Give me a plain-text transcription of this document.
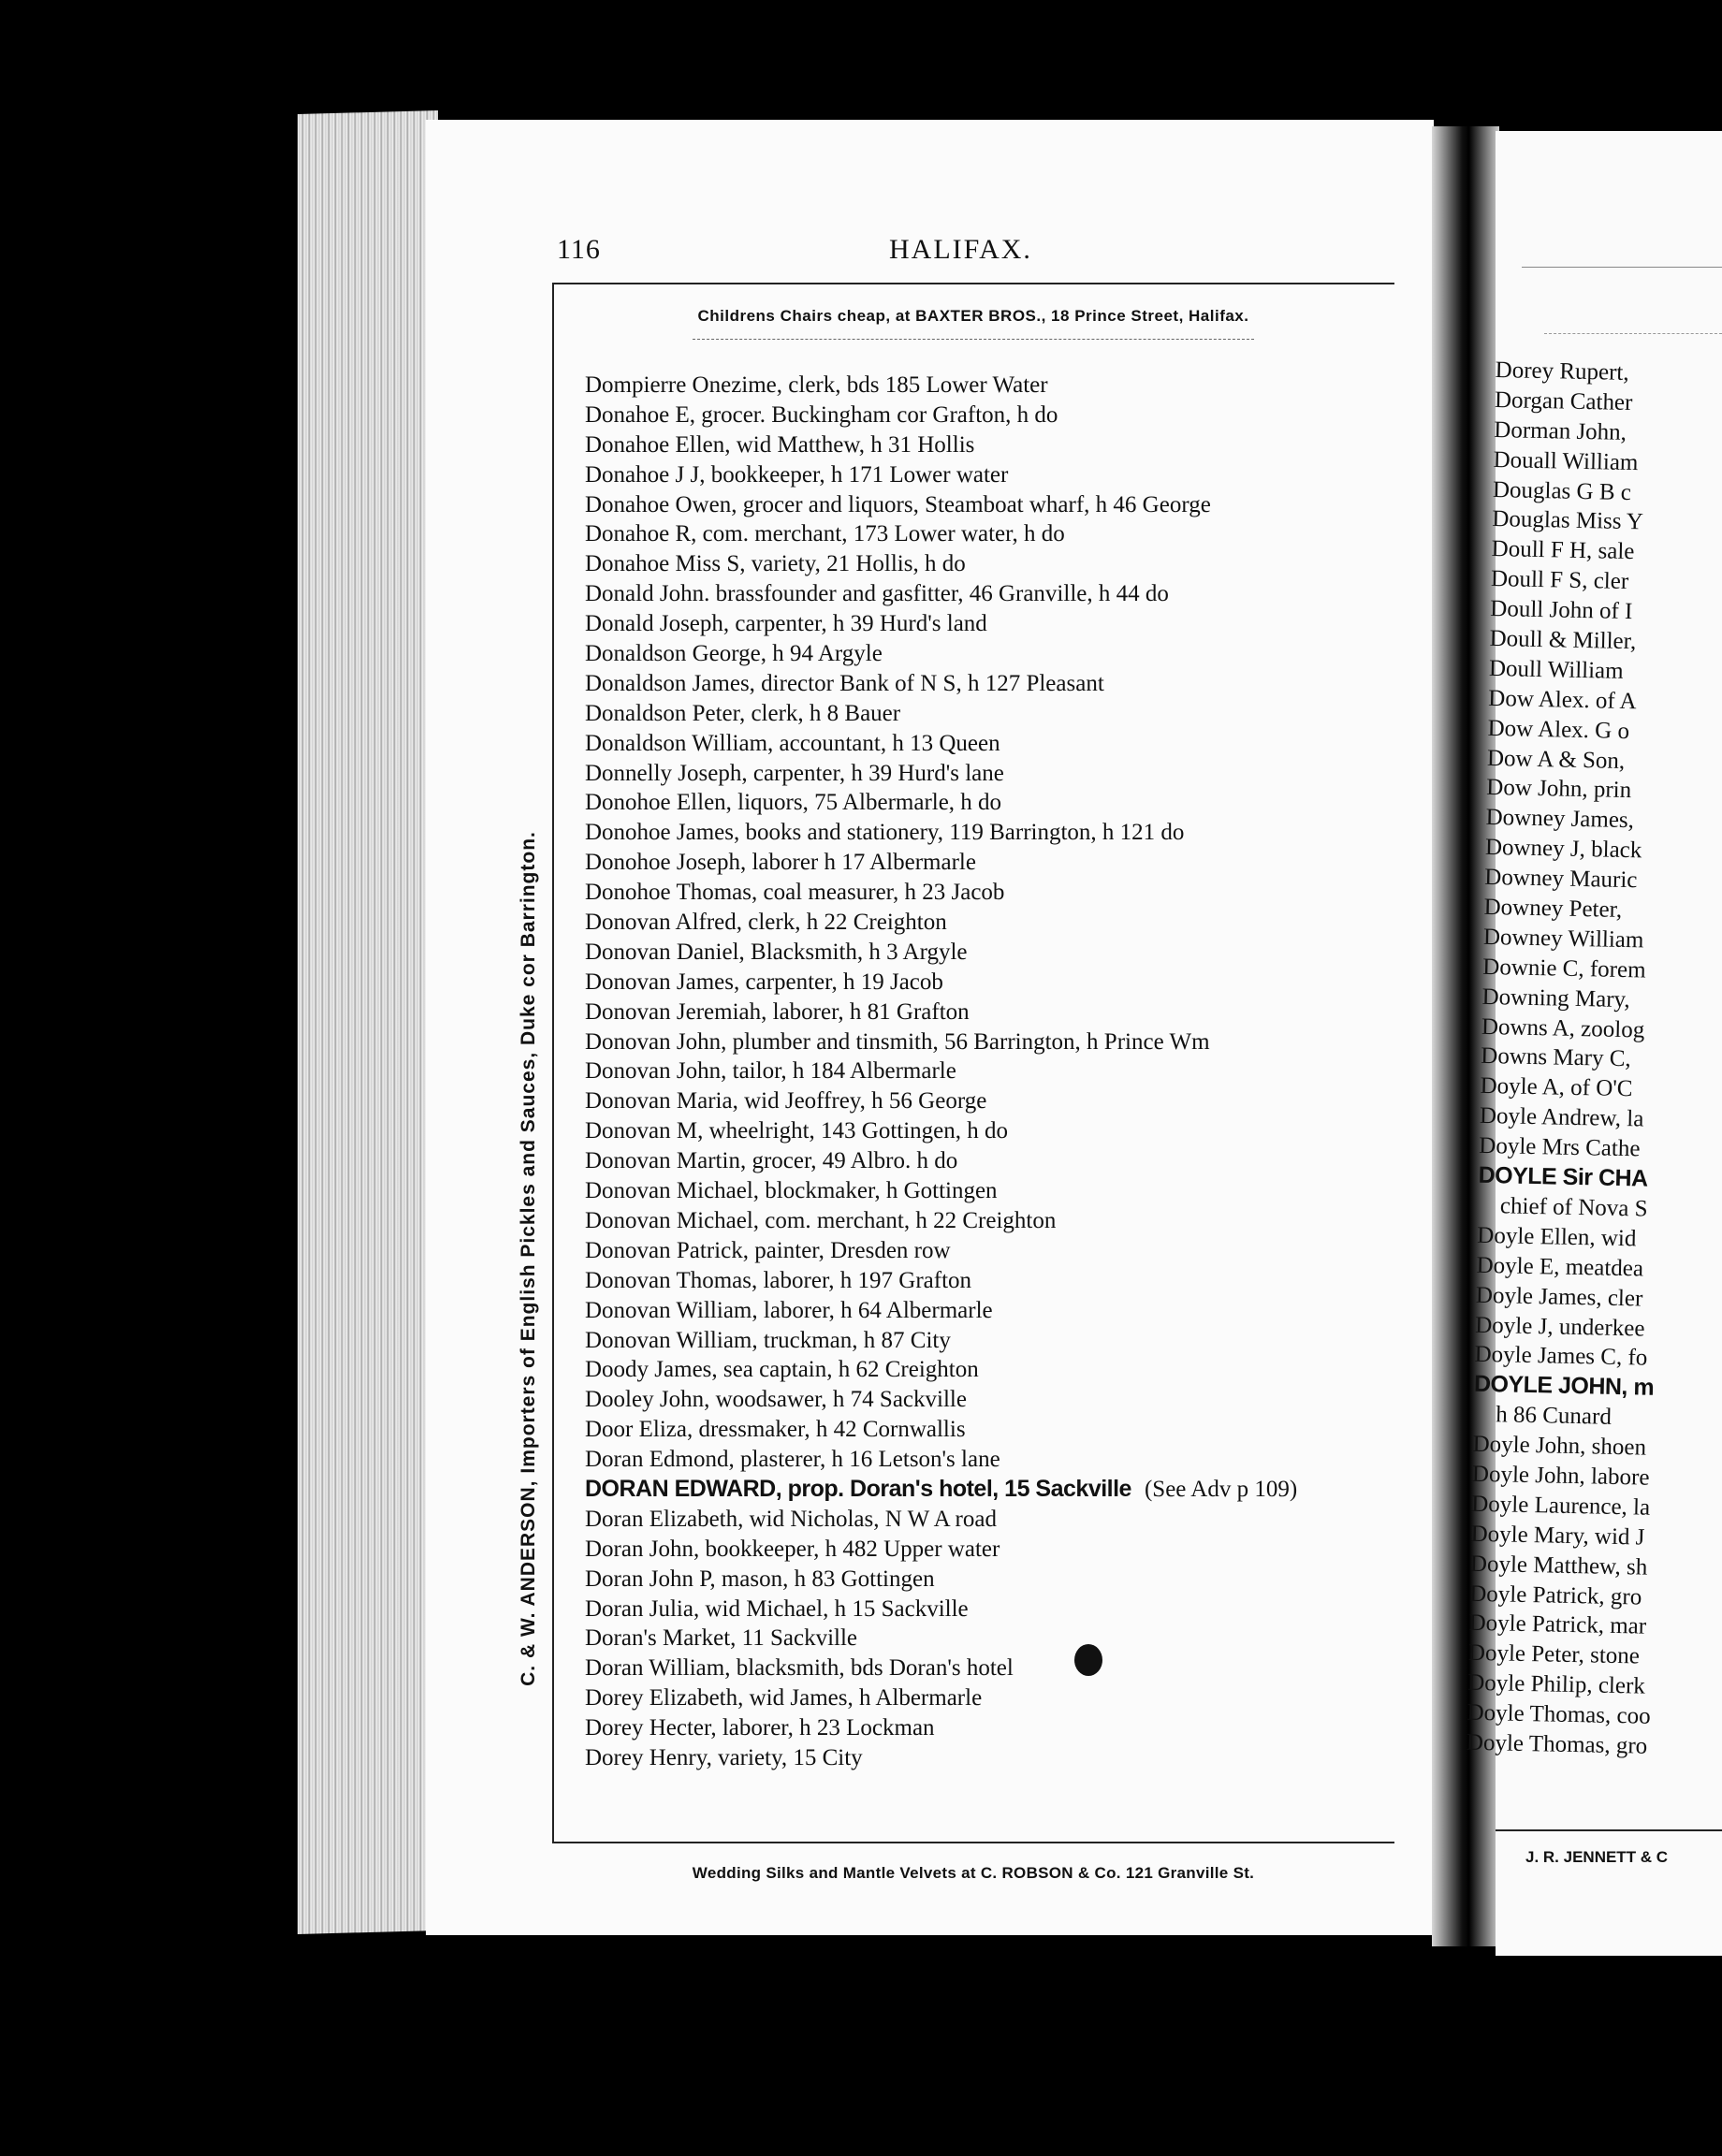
116	HALIFAX.
Childrens Chairs cheap, at BAXTER BROS., 18 Prince Street, Halifax.
C. & W. ANDERSON, Importers of English Pickles and Sauces, Duke cor Barrington.
Dompierre Onezime, clerk, bds 185 Lower Water
Donahoe E, grocer. Buckingham cor Grafton, h do
Donahoe Ellen, wid Matthew, h 31 Hollis
Donahoe J J, bookkeeper, h 171 Lower water
Donahoe Owen, grocer and liquors, Steamboat wharf, h 46 George
Donahoe R, com. merchant, 173 Lower water, h do
Donahoe Miss S, variety, 21 Hollis, h do
Donald John. brassfounder and gasfitter, 46 Granville, h 44 do
Donald Joseph, carpenter, h 39 Hurd's land
Donaldson George, h 94 Argyle
Donaldson James, director Bank of N S, h 127 Pleasant
Donaldson Peter, clerk, h 8 Bauer
Donaldson William, accountant, h 13 Queen
Donnelly Joseph, carpenter, h 39 Hurd's lane
Donohoe Ellen, liquors, 75 Albermarle, h do
Donohoe James, books and stationery, 119 Barrington, h 121 do
Donohoe Joseph, laborer h 17 Albermarle
Donohoe Thomas, coal measurer, h 23 Jacob
Donovan Alfred, clerk, h 22 Creighton
Donovan Daniel, Blacksmith, h 3 Argyle
Donovan James, carpenter, h 19 Jacob
Donovan Jeremiah, laborer, h 81 Grafton
Donovan John, plumber and tinsmith, 56 Barrington, h Prince Wm
Donovan John, tailor, h 184 Albermarle
Donovan Maria, wid Jeoffrey, h 56 George
Donovan M, wheelright, 143 Gottingen, h do
Donovan Martin, grocer, 49 Albro. h do
Donovan Michael, blockmaker, h Gottingen
Donovan Michael, com. merchant, h 22 Creighton
Donovan Patrick, painter, Dresden row
Donovan Thomas, laborer, h 197 Grafton
Donovan William, laborer, h 64 Albermarle
Donovan William, truckman, h 87 City
Doody James, sea captain, h 62 Creighton
Dooley John, woodsawer, h 74 Sackville
Door Eliza, dressmaker, h 42 Cornwallis
Doran Edmond, plasterer, h 16 Letson's lane
DORAN EDWARD, prop. Doran's hotel, 15 Sackville (See Adv p 109)
Doran Elizabeth, wid Nicholas, N W A road
Doran John, bookkeeper, h 482 Upper water
Doran John P, mason, h 83 Gottingen
Doran Julia, wid Michael, h 15 Sackville
Doran's Market, 11 Sackville
Doran William, blacksmith, bds Doran's hotel
Dorey Elizabeth, wid James, h Albermarle
Dorey Hecter, laborer, h 23 Lockman
Dorey Henry, variety, 15 City
Wedding Silks and Mantle Velvets at C. ROBSON & Co. 121 Granville St.
Dorey Rupert,
Dorgan Cather
Dorman John,
Douall William
Douglas G B c
Douglas Miss Y
Doull F H, sale
Doull F S, cler
Doull John of I
Doull & Miller,
Doull William
Dow Alex. of A
Dow Alex. G o
Dow A & Son,
Dow John, prin
Downey James,
Downey J, black
Downey Mauric
Downey Peter,
Downey William
Downie C, forem
Downing Mary,
Downs A, zoolog
Downs Mary C,
Doyle A, of O'C
Doyle Andrew, la
Doyle Mrs Cathe
DOYLE Sir CHA
chief of Nova S
Doyle Ellen, wid
Doyle E, meatdea
Doyle James, cler
Doyle J, underkee
Doyle James C, fo
DOYLE JOHN, m
h 86 Cunard
Doyle John, shoen
Doyle John, labore
Doyle Laurence, la
Doyle Mary, wid J
Doyle Matthew, sh
Doyle Patrick, gro
Doyle Patrick, mar
Doyle Peter, stone
Doyle Philip, clerk
Doyle Thomas, coo
Doyle Thomas, gro
J. R. JENNETT & C
